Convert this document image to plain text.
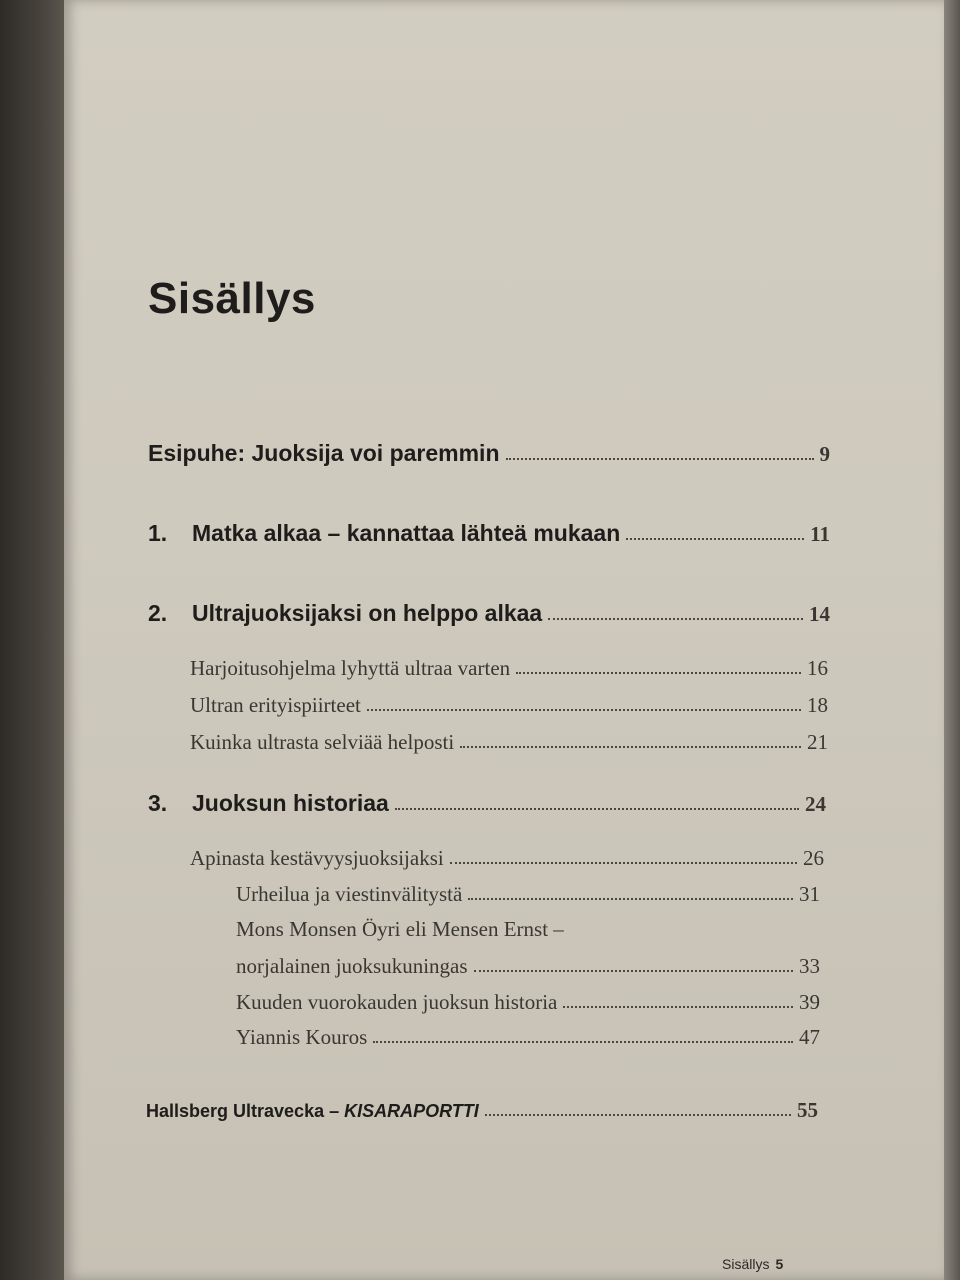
Sisällys
Esipuhe: Juoksija voi paremmin	9
1. Matka alkaa – kannattaa lähteä mukaan	11
2. Ultrajuoksijaksi on helppo alkaa	14
Harjoitusohjelma lyhyttä ultraa varten	16
Ultran erityispiirteet	18
Kuinka ultrasta selviää helposti	21
3. Juoksun historiaa	24
Apinasta kestävyysjuoksijaksi	26
Urheilua ja viestinvälitystä	31
Mons Monsen Öyri eli Mensen Ernst –
norjalainen juoksukuningas	33
Kuuden vuorokauden juoksun historia	39
Yiannis Kouros	47
Hallsberg Ultravecka – KISARAPORTTI	55
Sisällys 5
